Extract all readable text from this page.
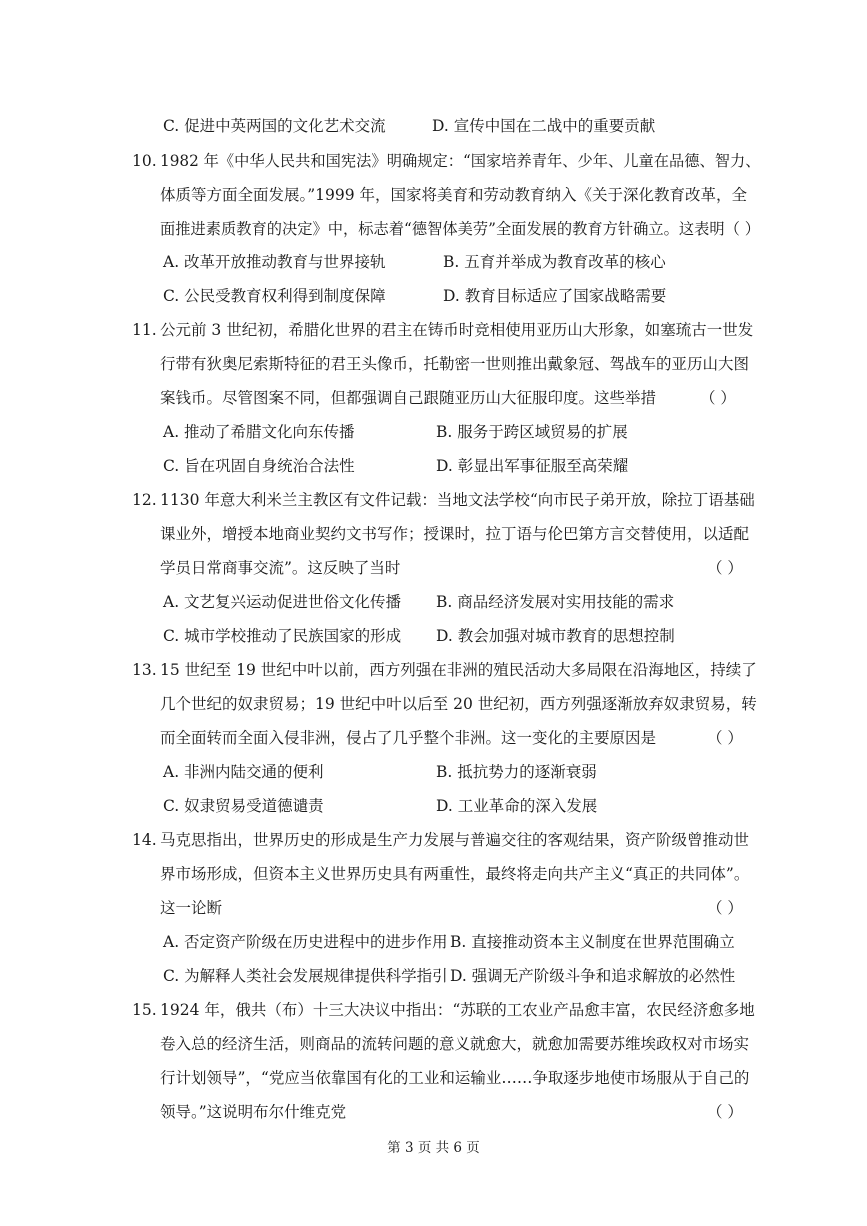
C. 促进中英两国的文化艺术交流	D. 宣传中国在二战中的重要贡献
10. 1982 年《中华人民共和国宪法》明确规定：“国家培养青年、少年、儿童在品德、智力、
体质等方面全面发展。”1999 年，国家将美育和劳动教育纳入《关于深化教育改革，全
面推进素质教育的决定》中，标志着“德智体美劳”全面发展的教育方针确立。这表明（ ）
A. 改革开放推动教育与世界接轨	B. 五育并举成为教育改革的核心
C. 公民受教育权利得到制度保障	D. 教育目标适应了国家战略需要
11. 公元前 3 世纪初，希腊化世界的君主在铸币时竞相使用亚历山大形象，如塞琉古一世发
行带有狄奥尼索斯特征的君王头像币，托勒密一世则推出戴象冠、驾战车的亚历山大图
案钱币。尽管图案不同，但都强调自己跟随亚历山大征服印度。这些举措	（ ）
A. 推动了希腊文化向东传播	B. 服务于跨区域贸易的扩展
C. 旨在巩固自身统治合法性	D. 彰显出军事征服至高荣耀
12. 1130 年意大利米兰主教区有文件记载：当地文法学校“向市民子弟开放，除拉丁语基础
课业外，增授本地商业契约文书写作；授课时，拉丁语与伦巴第方言交替使用，以适配
学员日常商事交流”。这反映了当时	（ ）
A. 文艺复兴运动促进世俗文化传播 B. 商品经济发展对实用技能的需求
C. 城市学校推动了民族国家的形成 D. 教会加强对城市教育的思想控制
13. 15 世纪至 19 世纪中叶以前，西方列强在非洲的殖民活动大多局限在沿海地区，持续了
几个世纪的奴隶贸易；19 世纪中叶以后至 20 世纪初，西方列强逐渐放弃奴隶贸易，转
而全面转而全面入侵非洲，侵占了几乎整个非洲。这一变化的主要原因是	（ ）
A. 非洲内陆交通的便利	B. 抵抗势力的逐渐衰弱
C. 奴隶贸易受道德谴责	D. 工业革命的深入发展
14. 马克思指出，世界历史的形成是生产力发展与普遍交往的客观结果，资产阶级曾推动世
界市场形成，但资本主义世界历史具有两重性，最终将走向共产主义“真正的共同体”。
这一论断	（ ）
A. 否定资产阶级在历史进程中的进步作用 B. 直接推动资本主义制度在世界范围确立
C. 为解释人类社会发展规律提供科学指引 D. 强调无产阶级斗争和追求解放的必然性
15. 1924 年，俄共（布）十三大决议中指出：“苏联的工农业产品愈丰富，农民经济愈多地
卷入总的经济生活，则商品的流转问题的意义就愈大，就愈加需要苏维埃政权对市场实
行计划领导”，“党应当依靠国有化的工业和运输业……争取逐步地使市场服从于自己的
领导。”这说明布尔什维克党	（ ）
第 3 页 共 6 页
